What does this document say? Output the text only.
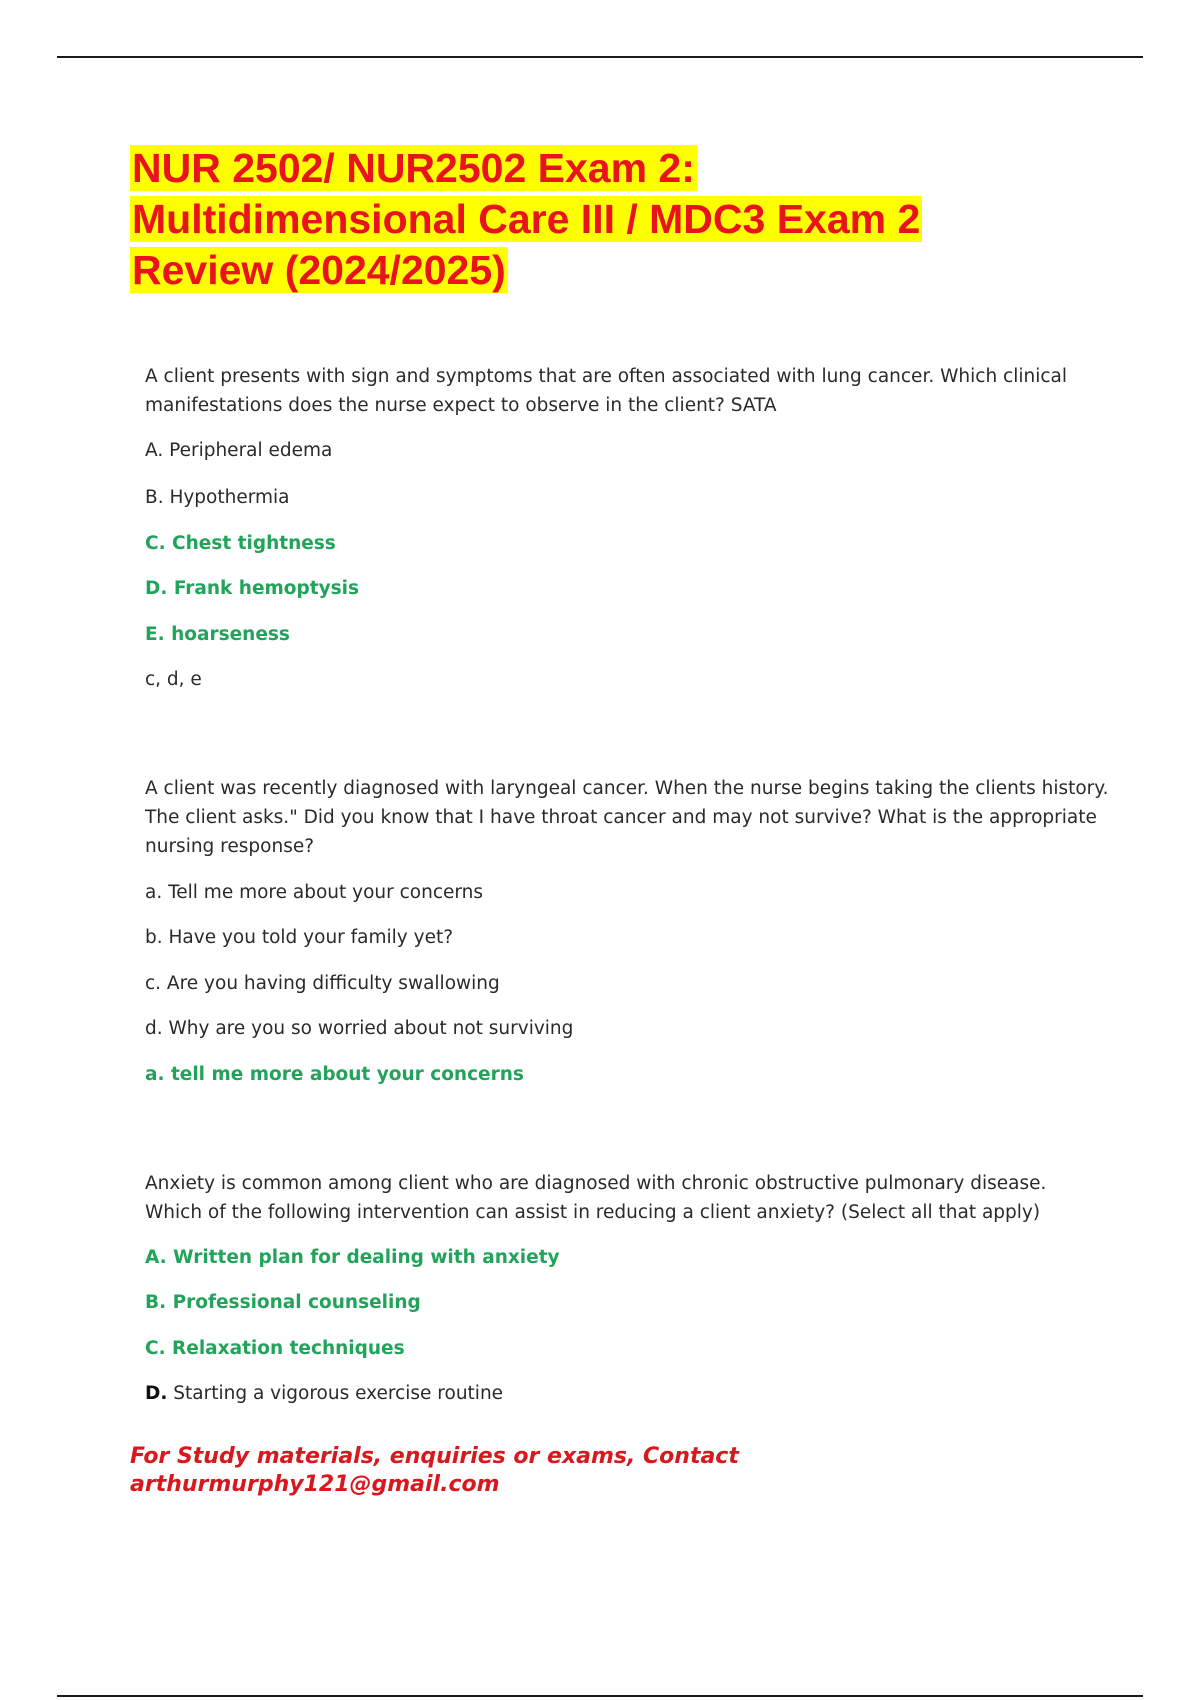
NUR 2502/ NUR2502 Exam 2:
Multidimensional Care III / MDC3 Exam 2
Review (2024/2025)

A client presents with sign and symptoms that are often associated with lung cancer. Which clinical
manifestations does the nurse expect to observe in the client? SATA

A. Peripheral edema
B. Hypothermia
C. Chest tightness
D. Frank hemoptysis
E. hoarseness
c, d, e

A client was recently diagnosed with laryngeal cancer. When the nurse begins taking the clients history.
The client asks." Did you know that I have throat cancer and may not survive? What is the appropriate
nursing response?

a. Tell me more about your concerns
b. Have you told your family yet?
c. Are you having difficulty swallowing
d. Why are you so worried about not surviving
a. tell me more about your concerns

Anxiety is common among client who are diagnosed with chronic obstructive pulmonary disease.
Which of the following intervention can assist in reducing a client anxiety? (Select all that apply)

A. Written plan for dealing with anxiety
B. Professional counseling
C. Relaxation techniques
D. Starting a vigorous exercise routine

For Study materials, enquiries or exams, Contact
arthurmurphy121@gmail.com
